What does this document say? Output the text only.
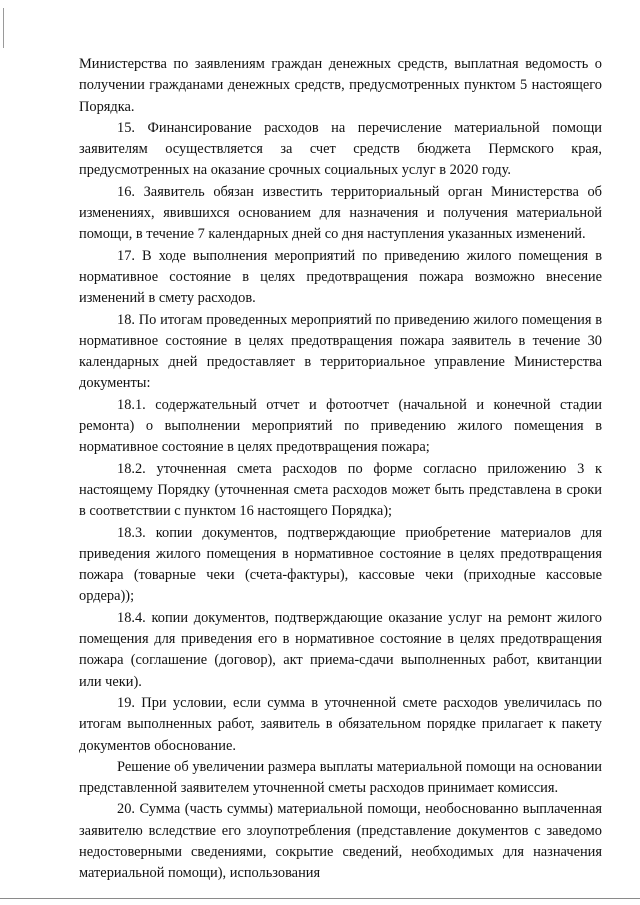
Министерства по заявлениям граждан денежных средств, выплатная ведомость о получении гражданами денежных средств, предусмотренных пунктом 5 настоящего Порядка.

15. Финансирование расходов на перечисление материальной помощи заявителям осуществляется за счет средств бюджета Пермского края, предусмотренных на оказание срочных социальных услуг в 2020 году.

16. Заявитель обязан известить территориальный орган Министерства об изменениях, явившихся основанием для назначения и получения материальной помощи, в течение 7 календарных дней со дня наступления указанных изменений.

17. В ходе выполнения мероприятий по приведению жилого помещения в нормативное состояние в целях предотвращения пожара возможно внесение изменений в смету расходов.

18. По итогам проведенных мероприятий по приведению жилого помещения в нормативное состояние в целях предотвращения пожара заявитель в течение 30 календарных дней предоставляет в территориальное управление Министерства документы:

18.1. содержательный отчет и фотоотчет (начальной и конечной стадии ремонта) о выполнении мероприятий по приведению жилого помещения в нормативное состояние в целях предотвращения пожара;

18.2. уточненная смета расходов по форме согласно приложению 3 к настоящему Порядку (уточненная смета расходов может быть представлена в сроки в соответствии с пунктом 16 настоящего Порядка);

18.3. копии документов, подтверждающие приобретение материалов для приведения жилого помещения в нормативное состояние в целях предотвращения пожара (товарные чеки (счета-фактуры), кассовые чеки (приходные кассовые ордера));

18.4. копии документов, подтверждающие оказание услуг на ремонт жилого помещения для приведения его в нормативное состояние в целях предотвращения пожара (соглашение (договор), акт приема-сдачи выполненных работ, квитанции или чеки).

19. При условии, если сумма в уточненной смете расходов увеличилась по итогам выполненных работ, заявитель в обязательном порядке прилагает к пакету документов обоснование.

Решение об увеличении размера выплаты материальной помощи на основании представленной заявителем уточненной сметы расходов принимает комиссия.

20. Сумма (часть суммы) материальной помощи, необоснованно выплаченная заявителю вследствие его злоупотребления (представление документов с заведомо недостоверными сведениями, сокрытие сведений, необходимых для назначения материальной помощи), использования
